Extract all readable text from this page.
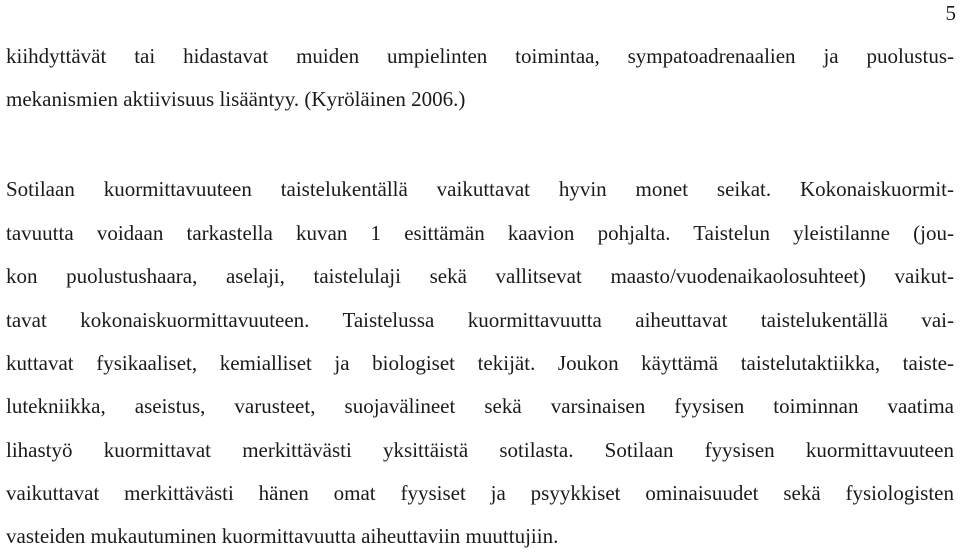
5
kiihdyttävät tai hidastavat muiden umpielinten toimintaa, sympatoadrenaalien ja puolustus-
mekanismien aktiivisuus lisääntyy. (Kyröläinen 2006.)
Sotilaan kuormittavuuteen taistelukentällä vaikuttavat hyvin monet seikat. Kokonaiskuormit-
tavuutta voidaan tarkastella kuvan 1 esittämän kaavion pohjalta. Taistelun yleistilanne (jou-
kon puolustushaara, aselaji, taistelulaji sekä vallitsevat maasto/vuodenaikaolosuhteet) vaikut-
tavat kokonaiskuormittavuuteen. Taistelussa kuormittavuutta aiheuttavat taistelukentällä vai-
kuttavat fysikaaliset, kemialliset ja biologiset tekijät. Joukon käyttämä taistelutaktiikka, taiste-
lutekniikka, aseistus, varusteet, suojavälineet sekä varsinaisen fyysisen toiminnan vaatima
lihastyö kuormittavat merkittävästi yksittäistä sotilasta. Sotilaan fyysisen kuormittavuuteen
vaikuttavat merkittävästi hänen omat fyysiset ja psyykkiset ominaisuudet sekä fysiologisten
vasteiden mukautuminen kuormittavuutta aiheuttaviin muuttujiin.
